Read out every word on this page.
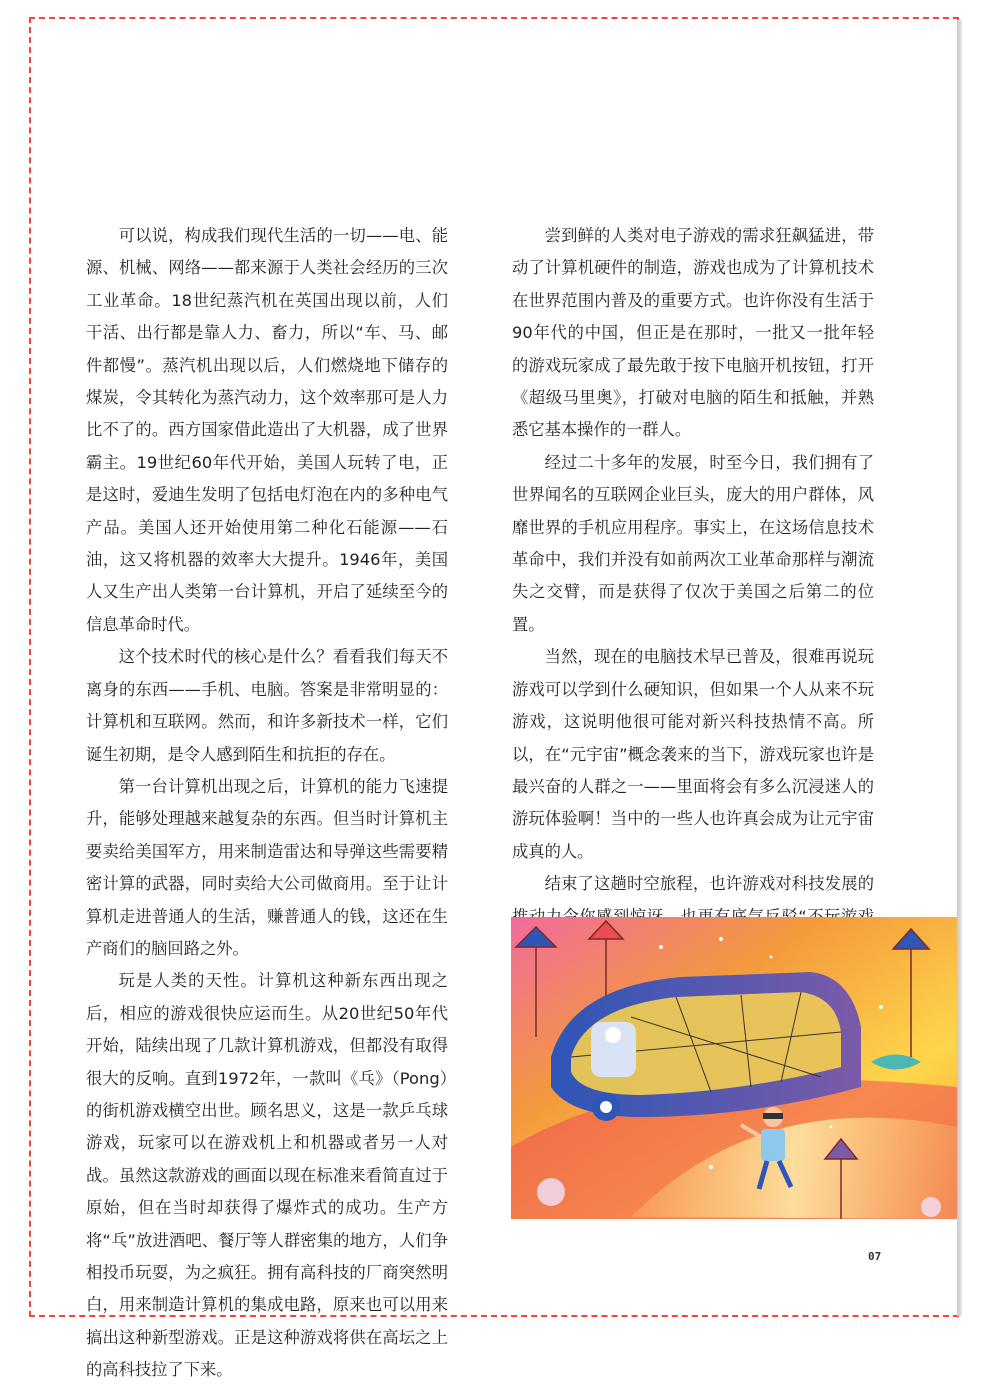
可以说，构成我们现代生活的一切——电、能源、机械、网络——都来源于人类社会经历的三次工业革命。18世纪蒸汽机在英国出现以前，人们干活、出行都是靠人力、畜力，所以“车、马、邮件都慢”。蒸汽机出现以后，人们燃烧地下储存的煤炭，令其转化为蒸汽动力，这个效率那可是人力比不了的。西方国家借此造出了大机器，成了世界霸主。19世纪60年代开始，美国人玩转了电，正是这时，爱迪生发明了包括电灯泡在内的多种电气产品。美国人还开始使用第二种化石能源——石油，这又将机器的效率大大提升。1946年，美国人又生产出人类第一台计算机，开启了延续至今的信息革命时代。

这个技术时代的核心是什么？看看我们每天不离身的东西——手机、电脑。答案是非常明显的：计算机和互联网。然而，和许多新技术一样，它们诞生初期，是令人感到陌生和抗拒的存在。

第一台计算机出现之后，计算机的能力飞速提升，能够处理越来越复杂的东西。但当时计算机主要卖给美国军方，用来制造雷达和导弹这些需要精密计算的武器，同时卖给大公司做商用。至于让计算机走进普通人的生活，赚普通人的钱，这还在生产商们的脑回路之外。

玩是人类的天性。计算机这种新东西出现之后，相应的游戏很快应运而生。从20世纪50年代开始，陆续出现了几款计算机游戏，但都没有取得很大的反响。直到1972年，一款叫《乓》（Pong）的街机游戏横空出世。顾名思义，这是一款乒乓球游戏，玩家可以在游戏机上和机器或者另一人对战。虽然这款游戏的画面以现在标准来看简直过于原始，但在当时却获得了爆炸式的成功。生产方将“乓”放进酒吧、餐厅等人群密集的地方，人们争相投币玩耍，为之疯狂。拥有高科技的厂商突然明白，用来制造计算机的集成电路，原来也可以用来搞出这种新型游戏。正是这种游戏将供在高坛之上的高科技拉了下来。

尝到鲜的人类对电子游戏的需求狂飙猛进，带动了计算机硬件的制造，游戏也成为了计算机技术在世界范围内普及的重要方式。也许你没有生活于90年代的中国，但正是在那时，一批又一批年轻的游戏玩家成了最先敢于按下电脑开机按钮，打开《超级马里奥》，打破对电脑的陌生和抵触，并熟悉它基本操作的一群人。

经过二十多年的发展，时至今日，我们拥有了世界闻名的互联网企业巨头，庞大的用户群体，风靡世界的手机应用程序。事实上，在这场信息技术革命中，我们并没有如前两次工业革命那样与潮流失之交臂，而是获得了仅次于美国之后第二的位置。

当然，现在的电脑技术早已普及，很难再说玩游戏可以学到什么硬知识，但如果一个人从来不玩游戏，这说明他很可能对新兴科技热情不高。所以，在“元宇宙”概念袭来的当下，游戏玩家也许是最兴奋的人群之一——里面将会有多么沉浸迷人的游玩体验啊！当中的一些人也许真会成为让元宇宙成真的人。

结束了这趟时空旅程，也许游戏对科技发展的

07
